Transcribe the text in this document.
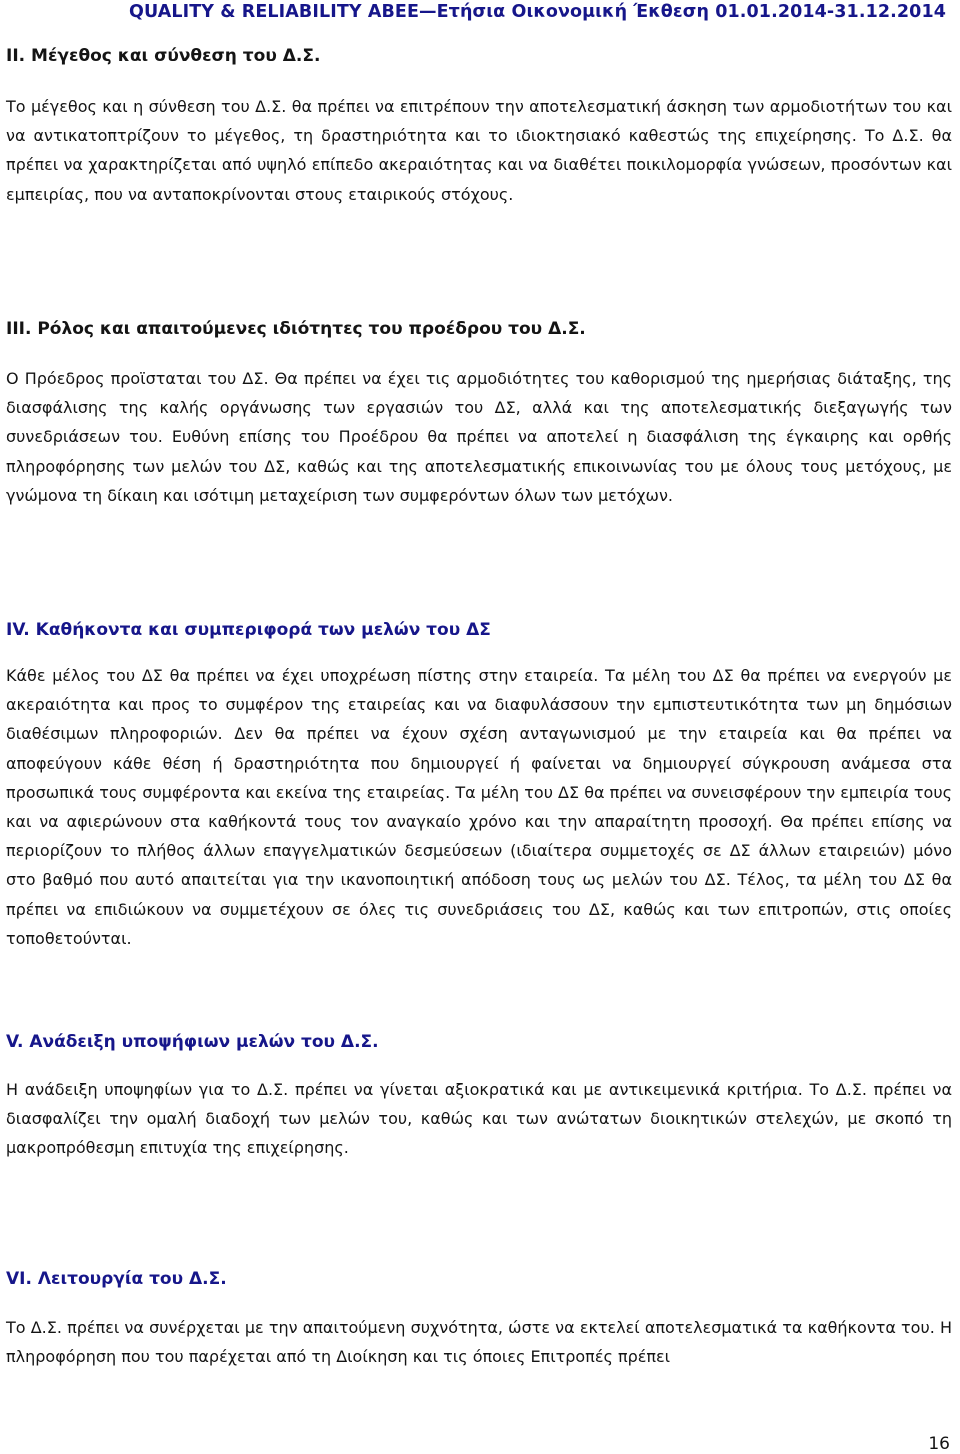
QUALITY & RELIABILITY ABEE—Ετήσια Οικονομική Έκθεση 01.01.2014-31.12.2014
II. Μέγεθος και σύνθεση του Δ.Σ.

Το μέγεθος και η σύνθεση του Δ.Σ. θα πρέπει να επιτρέπουν την αποτελεσματική άσκηση των αρμοδιοτήτων του και να αντικατοπτρίζουν το μέγεθος, τη δραστηριότητα και το ιδιοκτησιακό καθεστώς της επιχείρησης. Το Δ.Σ. θα πρέπει να χαρακτηρίζεται από υψηλό επίπεδο ακεραιότητας και να διαθέτει ποικιλομορφία γνώσεων, προσόντων και εμπειρίας, που να ανταποκρίνονται στους εταιρικούς στόχους.

III. Ρόλος και απαιτούμενες ιδιότητες του προέδρου του Δ.Σ.

Ο Πρόεδρος προϊσταται του ΔΣ. Θα πρέπει να έχει τις αρμοδιότητες του καθορισμού της ημερήσιας διάταξης, της διασφάλισης της καλής οργάνωσης των εργασιών του ΔΣ, αλλά και της αποτελεσματικής διεξαγωγής των συνεδριάσεων του. Ευθύνη επίσης του Προέδρου θα πρέπει να αποτελεί η διασφάλιση της έγκαιρης και ορθής πληροφόρησης των μελών του ΔΣ, καθώς και της αποτελεσματικής επικοινωνίας του με όλους τους μετόχους, με γνώμονα τη δίκαιη και ισότιμη μεταχείριση των συμφερόντων όλων των μετόχων.

IV. Καθήκοντα και συμπεριφορά των μελών του ΔΣ

Κάθε μέλος του ΔΣ θα πρέπει να έχει υποχρέωση πίστης στην εταιρεία. Τα μέλη του ΔΣ θα πρέπει να ενεργούν με ακεραιότητα και προς το συμφέρον της εταιρείας και να διαφυλάσσουν την εμπιστευτικότητα των μη δημόσιων διαθέσιμων πληροφοριών. Δεν θα πρέπει να έχουν σχέση ανταγωνισμού με την εταιρεία και θα πρέπει να αποφεύγουν κάθε θέση ή δραστηριότητα που δημιουργεί ή φαίνεται να δημιουργεί σύγκρουση ανάμεσα στα προσωπικά τους συμφέροντα και εκείνα της εταιρείας. Τα μέλη του ΔΣ θα πρέπει να συνεισφέρουν την εμπειρία τους και να αφιερώνουν στα καθήκοντά τους τον αναγκαίο χρόνο και την απαραίτητη προσοχή. Θα πρέπει επίσης να περιορίζουν το πλήθος άλλων επαγγελματικών δεσμεύσεων (ιδιαίτερα συμμετοχές σε ΔΣ άλλων εταιρειών) μόνο στο βαθμό που αυτό απαιτείται για την ικανοποιητική απόδοση τους ως μελών του ΔΣ. Τέλος, τα μέλη του ΔΣ θα πρέπει να επιδιώκουν να συμμετέχουν σε όλες τις συνεδριάσεις του ΔΣ, καθώς και των επιτροπών, στις οποίες τοποθετούνται.

V. Ανάδειξη υποψήφιων μελών του Δ.Σ.

Η ανάδειξη υποψηφίων για το Δ.Σ. πρέπει να γίνεται αξιοκρατικά και με αντικειμενικά κριτήρια. Το Δ.Σ. πρέπει να διασφαλίζει την ομαλή διαδοχή των μελών του, καθώς και των ανώτατων διοικητικών στελεχών, με σκοπό τη μακροπρόθεσμη επιτυχία της επιχείρησης.

VI. Λειτουργία του Δ.Σ.

Το Δ.Σ. πρέπει να συνέρχεται με την απαιτούμενη συχνότητα, ώστε να εκτελεί αποτελεσματικά τα καθήκοντα του. Η πληροφόρηση που του παρέχεται από τη Διοίκηση και τις όποιες Επιτροπές πρέπει

16
